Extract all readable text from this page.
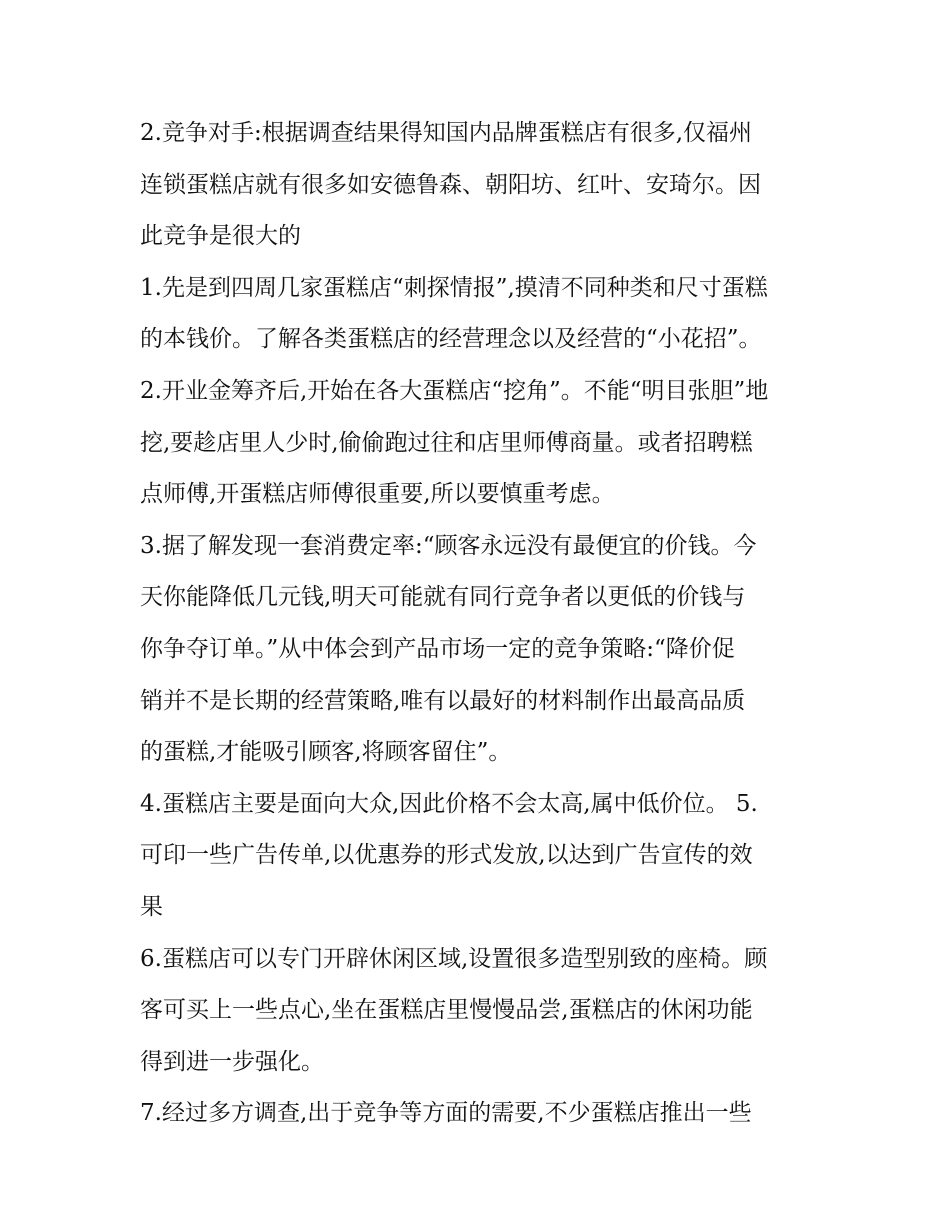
2.竞争对手:根据调查结果得知国内品牌蛋糕店有很多,仅福州
连锁蛋糕店就有很多如安德鲁森、朝阳坊、红叶、安琦尔。因
此竞争是很大的
1.先是到四周几家蛋糕店“刺探情报”,摸清不同种类和尺寸蛋糕
的本钱价。了解各类蛋糕店的经营理念以及经营的“小花招”。
2.开业金筹齐后,开始在各大蛋糕店“挖角”。不能“明目张胆”地
挖,要趁店里人少时,偷偷跑过往和店里师傅商量。或者招聘糕
点师傅,开蛋糕店师傅很重要,所以要慎重考虑。
3.据了解发现一套消费定率:“顾客永远没有最便宜的价钱。今
天你能降低几元钱,明天可能就有同行竞争者以更低的价钱与
你争夺订单。”从中体会到产品市场一定的竞争策略:“降价促
销并不是长期的经营策略,唯有以最好的材料制作出最高品质
的蛋糕,才能吸引顾客,将顾客留住”。
4.蛋糕店主要是面向大众,因此价格不会太高,属中低价位。 5.
可印一些广告传单,以优惠券的形式发放,以达到广告宣传的效
果
6.蛋糕店可以专门开辟休闲区域,设置很多造型别致的座椅。顾
客可买上一些点心,坐在蛋糕店里慢慢品尝,蛋糕店的休闲功能
得到进一步强化。
7.经过多方调查,出于竞争等方面的需要,不少蛋糕店推出一些
